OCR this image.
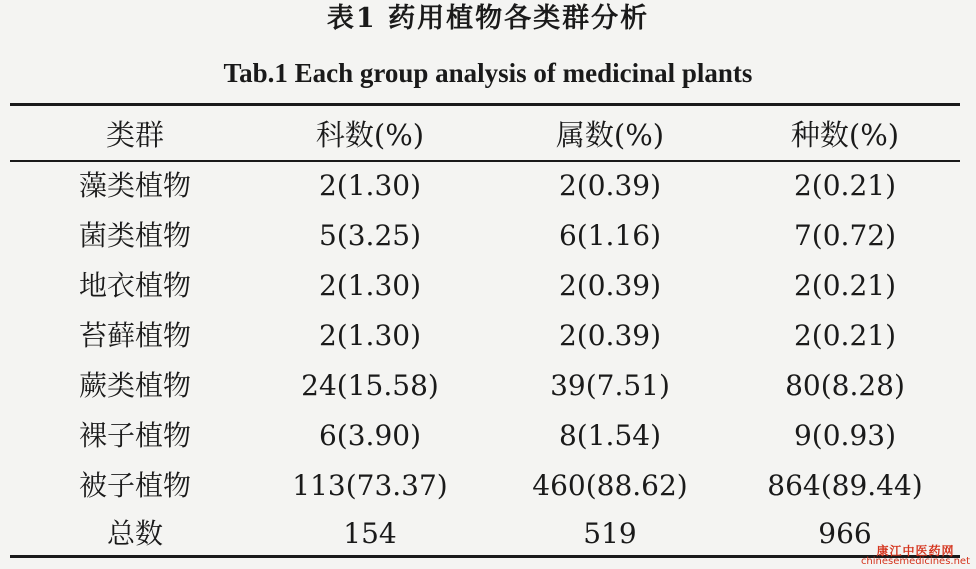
表1 药用植物各类群分析
Tab.1 Each group analysis of medicinal plants
类群	科数(%)	属数(%)	种数(%)
藻类植物	2(1.30)	2(0.39)	2(0.21)
菌类植物	5(3.25)	6(1.16)	7(0.72)
地衣植物	2(1.30)	2(0.39)	2(0.21)
苔藓植物	2(1.30)	2(0.39)	2(0.21)
蕨类植物	24(15.58)	39(7.51)	80(8.28)
裸子植物	6(3.90)	8(1.54)	9(0.93)
被子植物	113(73.37)	460(88.62)	864(89.44)
总数	154	519	966
康江中医药网
chinesemedicines.net
